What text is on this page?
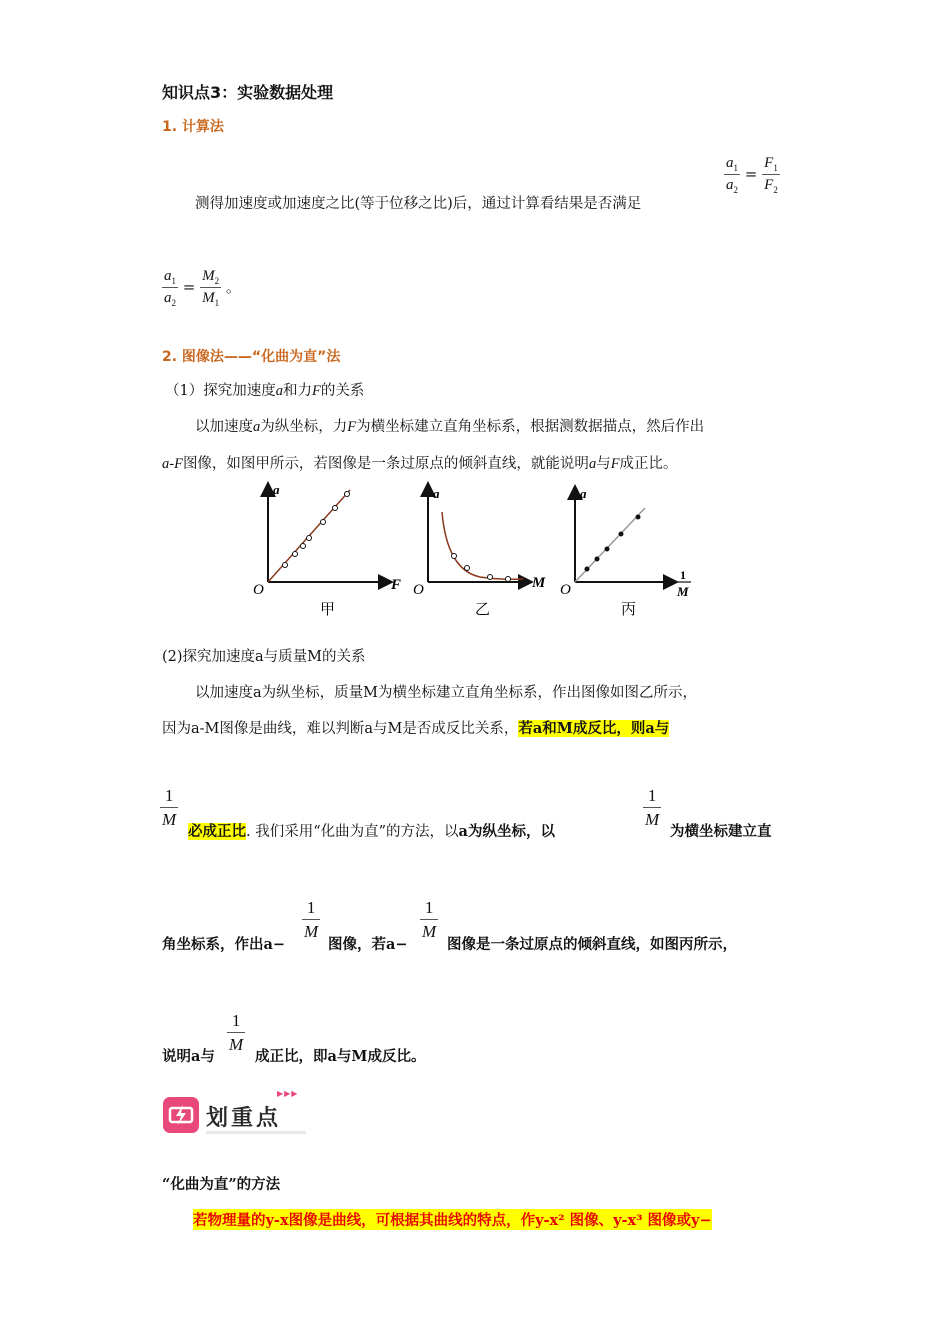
知识点3：实验数据处理
1. 计算法
$\frac{a_1}{a_2} = \frac{F_1}{F_2}$
测得加速度或加速度之比(等于位移之比)后，通过计算看结果是否满足
$\frac{a_1}{a_2} = \frac{M_2}{M_1}$ 。
2. 图像法——“化曲为直”法
（1）探究加速度a和力F的关系
以加速度a为纵坐标，力F为横坐标建立直角坐标系，根据测数据描点，然后作出
a-F图像，如图甲所示，若图像是一条过原点的倾斜直线，就能说明a与F成正比。
a
O	F
甲
a
O	M
乙
a
O
1
M
丙
(2)探究加速度a与质量M的关系
以加速度a为纵坐标，质量M为横坐标建立直角坐标系，作出图像如图乙所示，
因为a-M图像是曲线，难以判断a与M是否成反比关系，若a和M成反比，则a与
$\frac{1}{M}$
必成正比. 我们采用“化曲为直”的方法，以a为纵坐标，以
$\frac{1}{M}$
为横坐标建立直
角坐标系，作出a−
$\frac{1}{M}$
图像，若a−
$\frac{1}{M}$
图像是一条过原点的倾斜直线，如图丙所示，
说明a与
$\frac{1}{M}$
成正比，即a与M成反比。
▶▶▶
划重点
“化曲为直”的方法
若物理量的y-x图像是曲线，可根据其曲线的特点，作y-x² 图像、y-x³ 图像或y−
